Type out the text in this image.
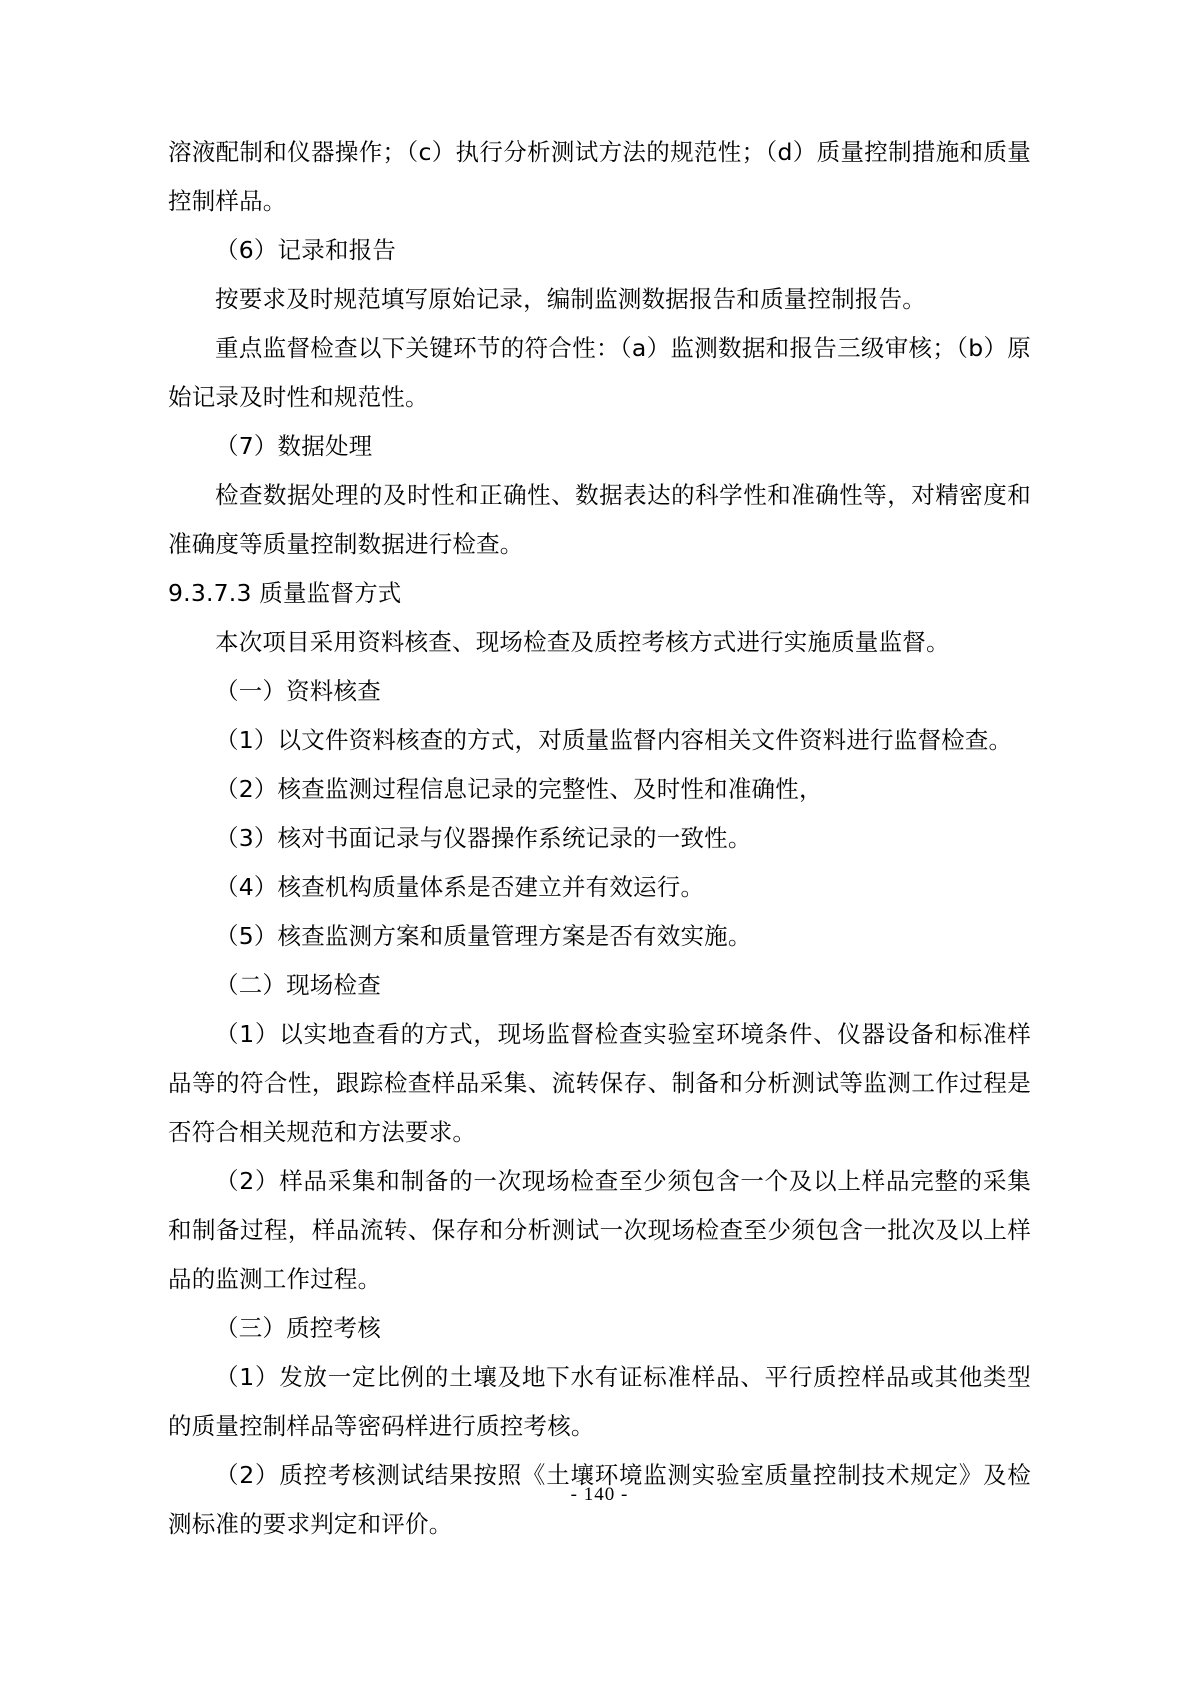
溶液配制和仪器操作；（c）执行分析测试方法的规范性；（d）质量控制措施和质量控制样品。

（6）记录和报告

按要求及时规范填写原始记录，编制监测数据报告和质量控制报告。

重点监督检查以下关键环节的符合性：（a）监测数据和报告三级审核；（b）原始记录及时性和规范性。

（7）数据处理

检查数据处理的及时性和正确性、数据表达的科学性和准确性等，对精密度和准确度等质量控制数据进行检查。

9.3.7.3 质量监督方式

本次项目采用资料核查、现场检查及质控考核方式进行实施质量监督。

（一）资料核查

（1）以文件资料核查的方式，对质量监督内容相关文件资料进行监督检查。

（2）核查监测过程信息记录的完整性、及时性和准确性，

（3）核对书面记录与仪器操作系统记录的一致性。

（4）核查机构质量体系是否建立并有效运行。

（5）核查监测方案和质量管理方案是否有效实施。

（二）现场检查

（1）以实地查看的方式，现场监督检查实验室环境条件、仪器设备和标准样品等的符合性，跟踪检查样品采集、流转保存、制备和分析测试等监测工作过程是否符合相关规范和方法要求。

（2）样品采集和制备的一次现场检查至少须包含一个及以上样品完整的采集和制备过程，样品流转、保存和分析测试一次现场检查至少须包含一批次及以上样品的监测工作过程。

（三）质控考核

（1）发放一定比例的土壤及地下水有证标准样品、平行质控样品或其他类型的质量控制样品等密码样进行质控考核。

（2）质控考核测试结果按照《土壤环境监测实验室质量控制技术规定》及检测标准的要求判定和评价。

- 140 -
